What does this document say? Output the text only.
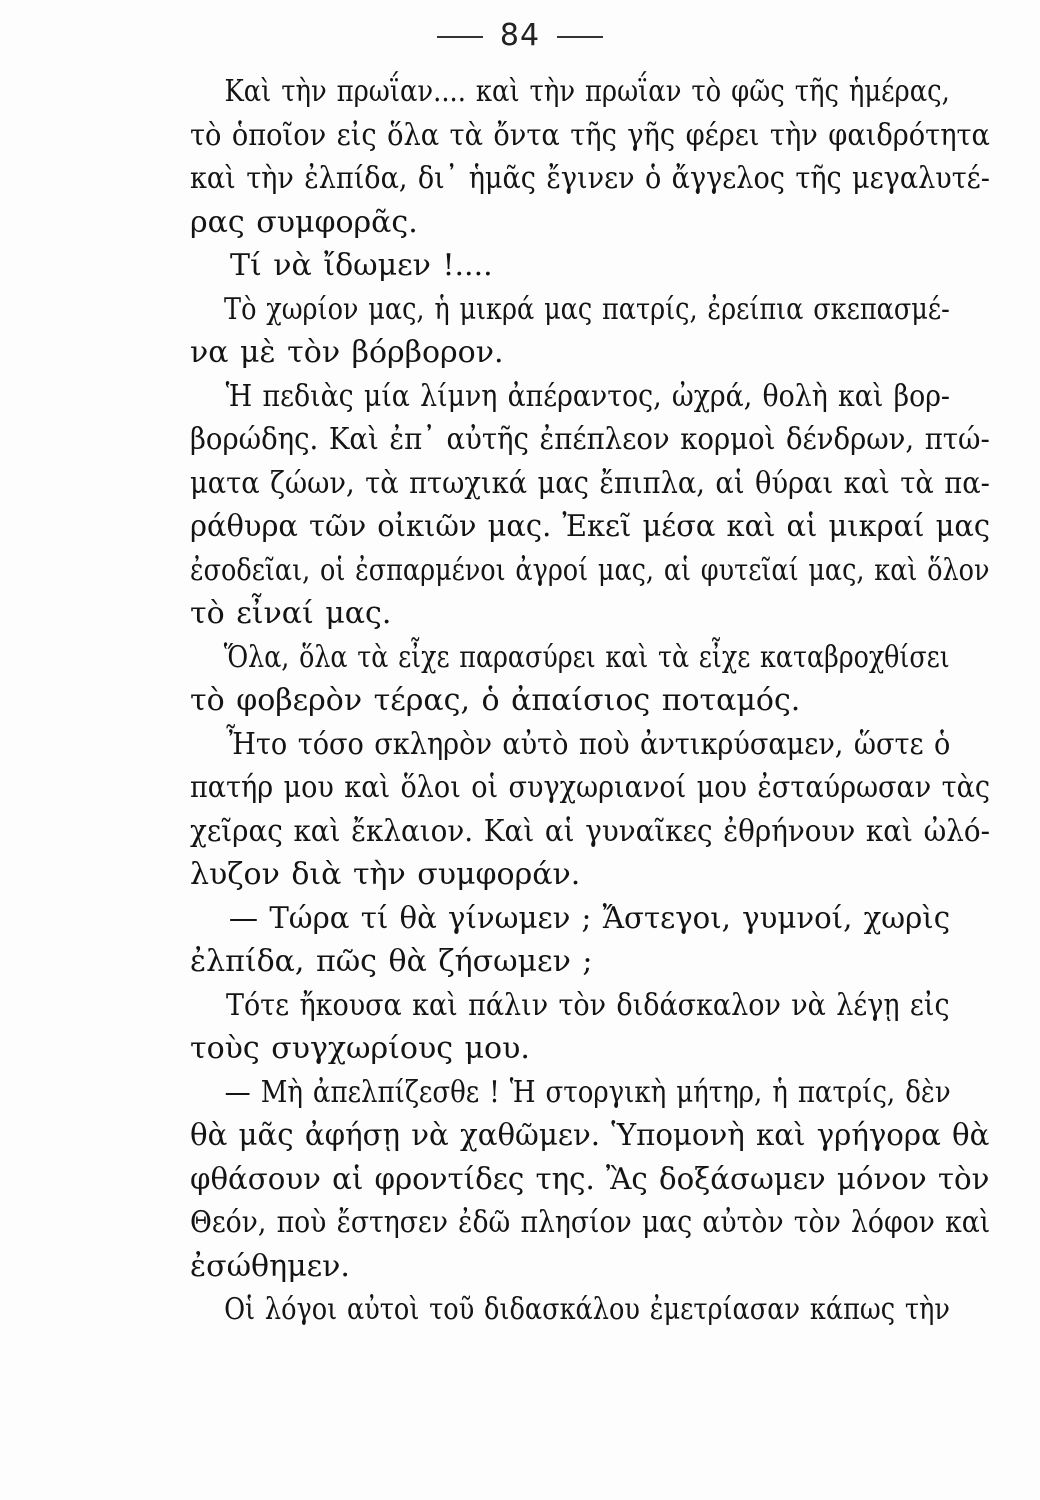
84
Καὶ τὴν πρωΐαν.... καὶ τὴν πρωΐαν τὸ φῶς τῆς ἡμέρας,
τὸ ὁποῖον εἰς ὅλα τὰ ὄντα τῆς γῆς φέρει τὴν φαιδρότητα
καὶ τὴν ἐλπίδα, δι᾽ ἡμᾶς ἔγινεν ὁ ἄγγελος τῆς μεγαλυτέ-
ρας συμφορᾶς.
Τί νὰ ἴδωμεν !....
Τὸ χωρίον μας, ἡ μικρά μας πατρίς, ἐρείπια σκεπασμέ-
να μὲ τὸν βόρβορον.
Ἡ πεδιὰς μία λίμνη ἀπέραντος, ὠχρά, θολὴ καὶ βορ-
βορώδης. Καὶ ἐπ᾽ αὐτῆς ἐπέπλεον κορμοὶ δένδρων, πτώ-
ματα ζώων, τὰ πτωχικά μας ἔπιπλα, αἱ θύραι καὶ τὰ πα-
ράθυρα τῶν οἰκιῶν μας. Ἐκεῖ μέσα καὶ αἱ μικραί μας
ἐσοδεῖαι, οἱ ἐσπαρμένοι ἀγροί μας, αἱ φυτεῖαί μας, καὶ ὅλον
τὸ εἶναί μας.
Ὅλα, ὅλα τὰ εἶχε παρασύρει καὶ τὰ εἶχε καταβροχθίσει
τὸ φοβερὸν τέρας, ὁ ἀπαίσιος ποταμός.
Ἦτο τόσο σκληρὸν αὐτὸ ποὺ ἀντικρύσαμεν, ὥστε ὁ
πατήρ μου καὶ ὅλοι οἱ συγχωριανοί μου ἐσταύρωσαν τὰς
χεῖρας καὶ ἔκλαιον. Καὶ αἱ γυναῖκες ἐθρήνουν καὶ ὠλό-
λυζον διὰ τὴν συμφοράν.
— Τώρα τί θὰ γίνωμεν ; Ἄστεγοι, γυμνοί, χωρὶς
ἐλπίδα, πῶς θὰ ζήσωμεν ;
Τότε ἤκουσα καὶ πάλιν τὸν διδάσκαλον νὰ λέγῃ εἰς
τοὺς συγχωρίους μου.
— Μὴ ἀπελπίζεσθε ! Ἡ στοργικὴ μήτηρ, ἡ πατρίς, δὲν
θὰ μᾶς ἀφήσῃ νὰ χαθῶμεν. Ὑπομονὴ καὶ γρήγορα θὰ
φθάσουν αἱ φροντίδες της. Ἂς δοξάσωμεν μόνον τὸν
Θεόν, ποὺ ἔστησεν ἐδῶ πλησίον μας αὐτὸν τὸν λόφον καὶ
ἐσώθημεν.
Οἱ λόγοι αὐτοὶ τοῦ διδασκάλου ἐμετρίασαν κάπως τὴν
